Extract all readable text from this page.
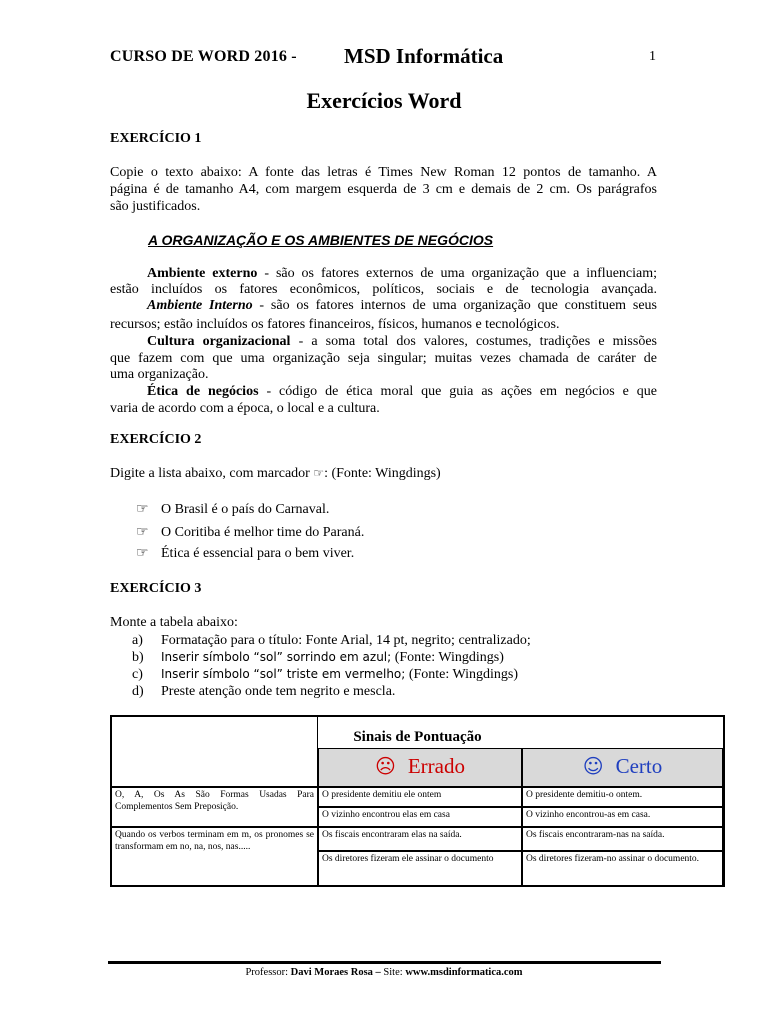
CURSO DE WORD 2016 - MSD Informática	1
Exercícios Word
EXERCÍCIO 1
Copie o texto abaixo: A fonte das letras é Times New Roman 12 pontos de tamanho. A
página é de tamanho A4, com margem esquerda de 3 cm e demais de 2 cm. Os parágrafos
são justificados.
A ORGANIZAÇÃO E OS AMBIENTES DE NEGÓCIOS
Ambiente externo - são os fatores externos de uma organização que a influenciam;
estão incluídos os fatores econômicos, políticos, sociais e de tecnologia avançada.
Ambiente Interno - são os fatores internos de uma organização que constituem seus
recursos; estão incluídos os fatores financeiros, físicos, humanos e tecnológicos.
Cultura organizacional - a soma total dos valores, costumes, tradições e missões
que fazem com que uma organização seja singular; muitas vezes chamada de caráter de
uma organização.
Ética de negócios - código de ética moral que guia as ações em negócios e que
varia de acordo com a época, o local e a cultura.
EXERCÍCIO 2
Digite a lista abaixo, com marcador ☞: (Fonte: Wingdings)
☞ O Brasil é o país do Carnaval.
☞ O Coritiba é melhor time do Paraná.
☞ Ética é essencial para o bem viver.
EXERCÍCIO 3
Monte a tabela abaixo:
a) Formatação para o título: Fonte Arial, 14 pt, negrito; centralizado;
b) Inserir símbolo “sol” sorrindo em azul; (Fonte: Wingdings)
c) Inserir símbolo “sol” triste em vermelho; (Fonte: Wingdings)
d) Preste atenção onde tem negrito e mescla.
Sinais de Pontuação
☹ Errado	☺ Certo
O, A, Os As São Formas Usadas Para Complementos Sem Preposição.
O presidente demitiu ele ontem	O presidente demitiu-o ontem.
O vizinho encontrou elas em casa	O vizinho encontrou-as em casa.
Quando os verbos terminam em m, os pronomes se transformam em no, na, nos, nas.....
Os fiscais encontraram elas na saída.	Os fiscais encontraram-nas na saída.
Os diretores fizeram ele assinar o documento	Os diretores fizeram-no assinar o documento.
Professor: Davi Moraes Rosa – Site: www.msdinformatica.com
